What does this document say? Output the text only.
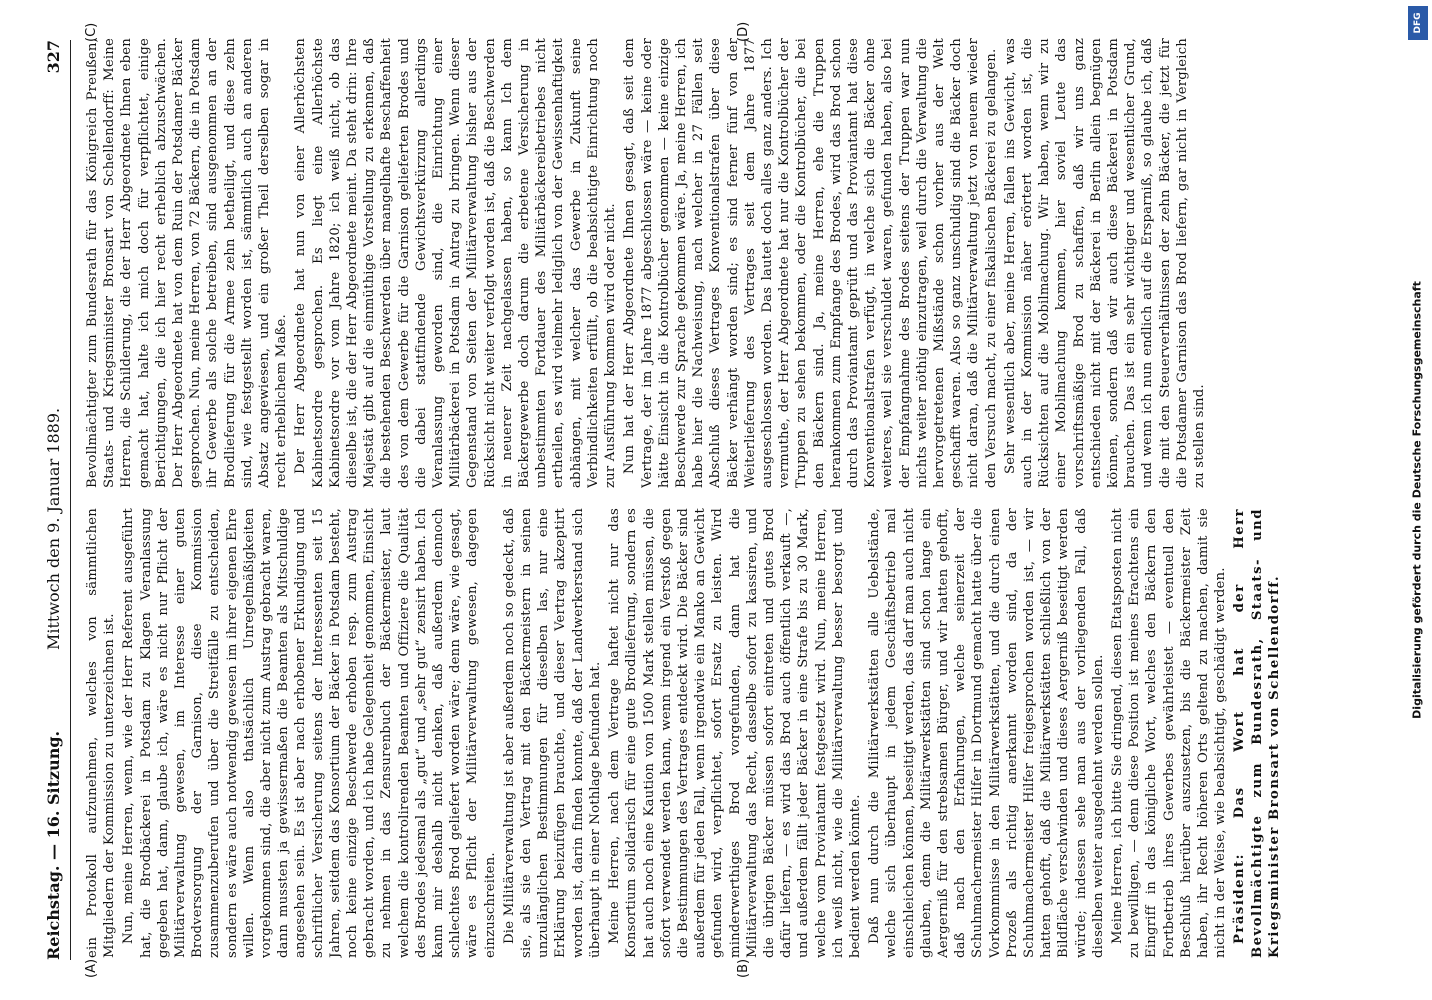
Reichstag. — 16. Sitzung.
Mittwoch den 9. Januar 1889.
327
(A)	(B)
(C)	(D)

ein Protokoll aufzunehmen, welches von sämmtlichen Mitgliedern der Kommission zu unterzeichnen ist. Nun, meine Herren, wenn, wie der Herr Referent ausgeführt hat, die Brodbäckerei in Potsdam zu Klagen Veranlassung gegeben hat, dann, glaube ich, wäre es nicht nur Pflicht der Militärverwaltung gewesen, im Interesse einer guten Brodversorgung der Garnison, diese Kommission zusammenzuberufen und über die Streitfälle zu entscheiden, sondern es wäre auch notwendig gewesen im ihrer eigenen Ehre willen. Wenn also thatsächlich Unregelmäßigkeiten vorgekommen sind, die aber nicht zum Austrag gebracht waren, dann mussten ja gewissermaßen die Beamten als Mitschuldige angesehen sein. Es ist aber nach erhobener Erkundigung und schriftlicher Versicherung seitens der Interessenten seit 15 Jahren, seitdem das Konsortium der Bäcker in Potsdam besteht, noch keine einzige Beschwerde erhoben resp. zum Austrag gebracht worden, und ich habe Gelegenheit genommen, Einsicht zu nehmen in das Zensurenbuch der Bäckermeister, laut welchem die kontrolirenden Beamten und Offiziere die Qualität des Brodes jedesmal als „gut“ und „sehr gut“ zensirt haben. Ich kann mir deshalb nicht denken, daß außerdem dennoch schlechtes Brod geliefert worden wäre; denn wäre, wie gesagt, wäre es Pflicht der Militärverwaltung gewesen, dagegen einzuschreiten. Die Militärverwaltung ist aber außerdem noch so gedeckt, daß sie, als sie den Vertrag mit den Bäckermeistern in seinen unzulänglichen Bestimmungen für dieselben las, nur eine Erklärung beizufügen brauchte, und dieser Vertrag akzeptirt worden ist, darin finden konnte, daß der Landwerkerstand sich überhaupt in einer Nothlage befunden hat. Meine Herren, nach dem Vertrage haftet nicht nur das Konsortium solidarisch für eine gute Brodlieferung, sondern es hat auch noch eine Kaution von 1500 Mark stellen müssen, die sofort verwendet werden kann, wenn irgend ein Verstoß gegen die Bestimmungen des Vertrages entdeckt wird. Die Bäcker sind außerdem für jeden Fall, wenn irgendwie ein Manko an Gewicht gefunden wird, verpflichtet, sofort Ersatz zu leisten. Wird minderwerthiges Brod vorgefunden, dann hat die Militärverwaltung das Recht, dasselbe sofort zu kassiren, und die übrigen Bäcker müssen sofort eintreten und gutes Brod dafür liefern, — es wird das Brod auch öffentlich verkauft —, und außerdem fällt jeder Bäcker in eine Strafe bis zu 30 Mark, welche vom Proviantamt festgesetzt wird. Nun, meine Herren, ich weiß nicht, wie die Militärverwaltung besser besorgt und bedient werden könnte. Daß nun durch die Militärwerkstätten alle Uebelstände, welche sich überhaupt in jedem Geschäftsbetrieb mal einschleichen können, beseitigt werden, das darf man auch nicht glauben, denn die Militärwerkstätten sind schon lange ein Aergerniß für den strebsamen Bürger, und wir hatten gehofft, daß nach den Erfahrungen, welche seinerzeit der Schuhmachermeister Hilfer in Dortmund gemacht hatte über die Vorkommnisse in den Militärwerkstätten, und die durch einen Prozeß als richtig anerkannt worden sind, da der Schuhmachermeister Hilfer freigesprochen worden ist, — wir hatten gehofft, daß die Militärwerkstätten schließlich von der Bildfläche verschwinden und dieses Aergerniß beseitigt werden würde; indessen sehe man aus der vorliegenden Fall, daß dieselben weiter ausgedehnt werden sollen. Meine Herren, ich bitte Sie dringend, diesen Etatsposten nicht zu bewilligen, — denn diese Position ist meines Erachtens ein Eingriff in das königliche Wort, welches den Bäckern den Fortbetrieb ihres Gewerbes gewährleistet — eventuell den Beschluß hierüber auszusetzen, bis die Bäckermeister Zeit haben, ihr Recht höheren Orts geltend zu machen, damit sie nicht in der Weise, wie beabsichtigt, geschädigt werden. Präsident: Das Wort hat der Herr Bevollmächtigte zum Bundesrath, Staats- und Kriegsminister Bronsart von Schellendorff.

Bevollmächtigter zum Bundesrath für das Königreich Preußen, Staats- und Kriegsminister Bronsart von Schellendorff: Meine Herren, die Schilderung, die der Herr Abgeordnete Ihnen eben gemacht hat, halte ich mich doch für verpflichtet, einige Berichtigungen, die ich hier recht erheblich abzuschwächen. Der Herr Abgeordnete hat von dem Ruin der Potsdamer Bäcker gesprochen. Nun, meine Herren, von 72 Bäckern, die in Potsdam ihr Gewerbe als solche betreiben, sind ausgenommen an der Brodlieferung für die Armee zehn betheiligt, und diese zehn sind, wie festgestellt worden ist, sämmtlich auch an anderen Absatz angewiesen, und ein großer Theil derselben sogar in recht erheblichem Maße. Der Herr Abgeordnete hat nun von einer Allerhöchsten Kabinetsordre gesprochen. Es liegt eine Allerhöchste Kabinetsordre vor vom Jahre 1820; ich weiß nicht, ob das dieselbe ist, die der Herr Abgeordnete meint. Da steht drin: Ihre Majestät gibt auf die einmüthige Vorstellung zu erkennen, daß die bestehenden Beschwerden über mangelhafte Beschaffenheit des von dem Gewerbe für die Garnison gelieferten Brodes und die dabei stattfindende Gewichtsverkürzung allerdings Veranlassung geworden sind, die Einrichtung einer Militärbäckerei in Potsdam in Antrag zu bringen. Wenn dieser Gegenstand von Seiten der Militärverwaltung bisher aus der Rücksicht nicht weiter verfolgt worden ist, daß die Beschwerden in neuerer Zeit nachgelassen haben, so kann Ich dem Bäckergewerbe doch darum die erbetene Versicherung in unbestimmten Fortdauer des Militärbäckereibetriebes nicht ertheilen, es wird vielmehr lediglich von der Gewissenhaftigkeit abhängen, mit welcher das Gewerbe in Zukunft seine Verbindlichkeiten erfüllt, ob die beabsichtigte Einrichtung noch zur Ausführung kommen wird oder nicht. Nun hat der Herr Abgeordnete Ihnen gesagt, daß seit dem Vertrage, der im Jahre 1877 abgeschlossen wäre — keine oder hätte Einsicht in die Kontrolbücher genommen — keine einzige Beschwerde zur Sprache gekommen wäre. Ja, meine Herren, ich habe hier die Nachweisung, nach welcher in 27 Fällen seit Abschluß dieses Vertrages Konventionalstrafen über diese Bäcker verhängt worden sind; es sind ferner fünf von der Weiterlieferung des Vertrages seit dem Jahre 1877 ausgeschlossen worden. Das lautet doch alles ganz anders. Ich vermuthe, der Herr Abgeordnete hat nur die Kontrolbücher der Truppen zu sehen bekommen, oder die Kontrolbücher, die bei den Bäckern sind. Ja, meine Herren, ehe die Truppen herankommen zum Empfange des Brodes, wird das Brod schon durch das Proviantamt geprüft und das Proviantamt hat diese Konventionalstrafen verfügt, in welche sich die Bäcker ohne weiteres, weil sie verschuldet waren, gefunden haben, also bei der Empfangnahme des Brodes seitens der Truppen war nun nichts weiter nöthig einzutragen, weil durch die Verwaltung die hervorgetretenen Mißstände schon vorher aus der Welt geschafft waren. Also so ganz unschuldig sind die Bäcker doch nicht daran, daß die Militärverwaltung jetzt von neuem wieder den Versuch macht, zu einer fiskalischen Bäckerei zu gelangen. Sehr wesentlich aber, meine Herren, fallen ins Gewicht, was auch in der Kommission näher erörtert worden ist, die Rücksichten auf die Mobilmachung. Wir haben, wenn wir zu einer Mobilmachung kommen, hier soviel Leute das vorschriftsmäßige Brod zu schaffen, daß wir uns ganz entschieden nicht mit der Bäckerei in Berlin allein begnügen können, sondern daß wir auch diese Bäckerei in Potsdam brauchen. Das ist ein sehr wichtiger und wesentlicher Grund, und wenn ich nun endlich auf die Ersparniß, so glaube ich, daß die mit den Steuerverhältnissen der zehn Bäcker, die jetzt für die Potsdamer Garnison das Brod liefern, gar nicht in Vergleich zu stellen sind.	Digitalisierung gefördert durch die Deutsche Forschungsgemeinschaft
DFG
